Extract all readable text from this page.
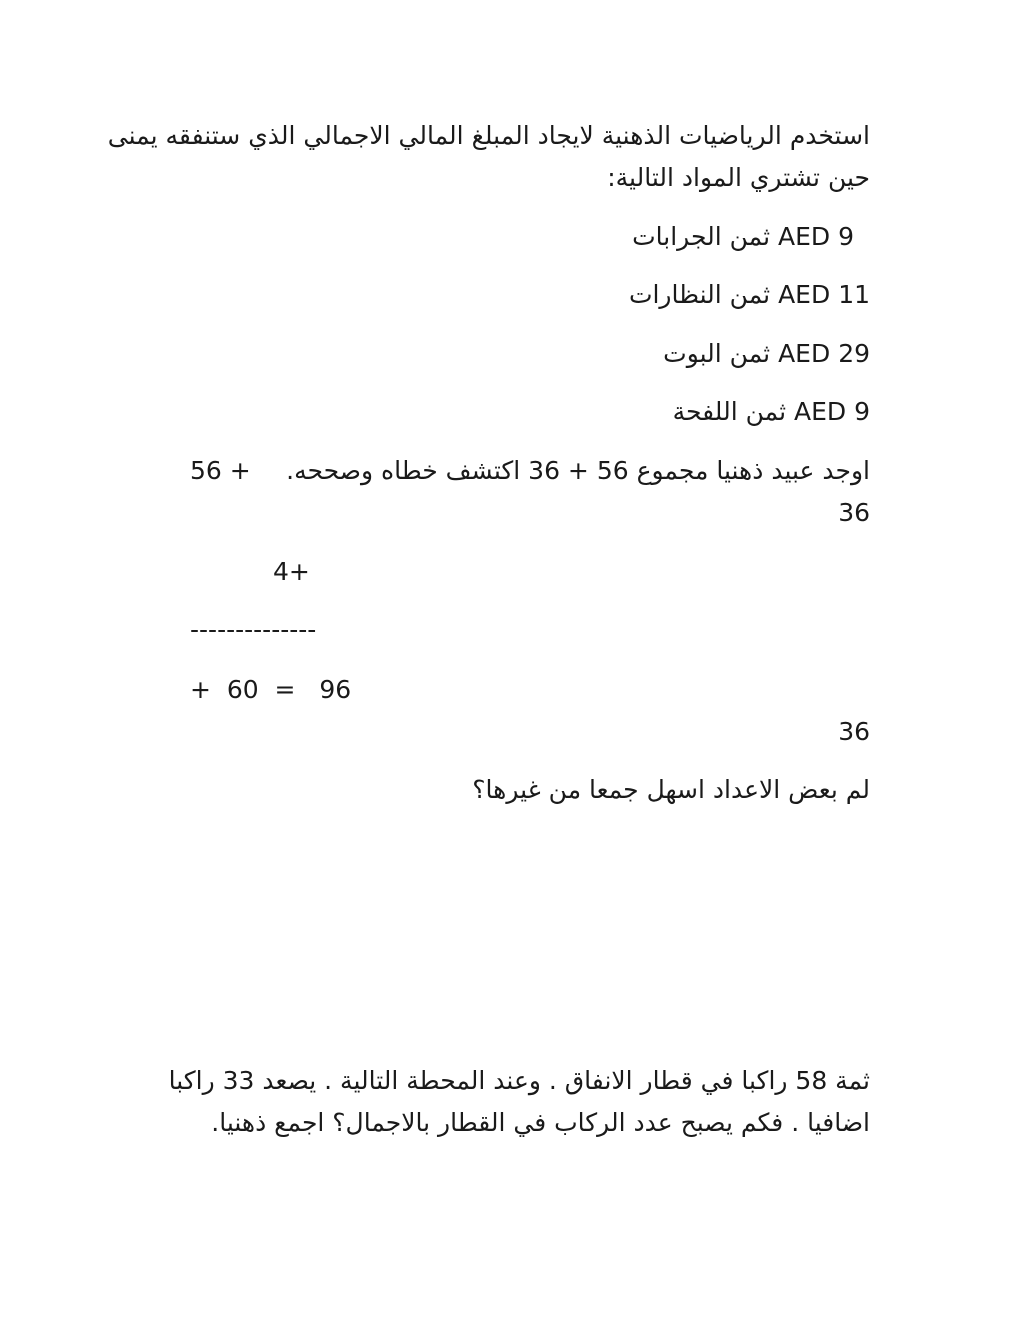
استخدم الرياضيات الذهنية لايجاد المبلغ المالي الاجمالي الذي ستنفقه يمنى
حين تشتري المواد التالية:
9 AED ثمن الجرابات
11 AED ثمن النظارات
29 AED ثمن البوت
9 AED ثمن اللفحة
اوجد عبيد ذهنيا مجموع 56 + 36 اكتشف خطاه وصححه.
56 +
36
4+
--------------
+  60  =   96
36
لم بعض الاعداد اسهل جمعا من غيرها؟
ثمة 58 راكبا في قطار الانفاق . وعند المحطة التالية . يصعد 33 راكبا
اضافيا . فكم يصبح عدد الركاب في القطار بالاجمال؟ اجمع ذهنيا.
